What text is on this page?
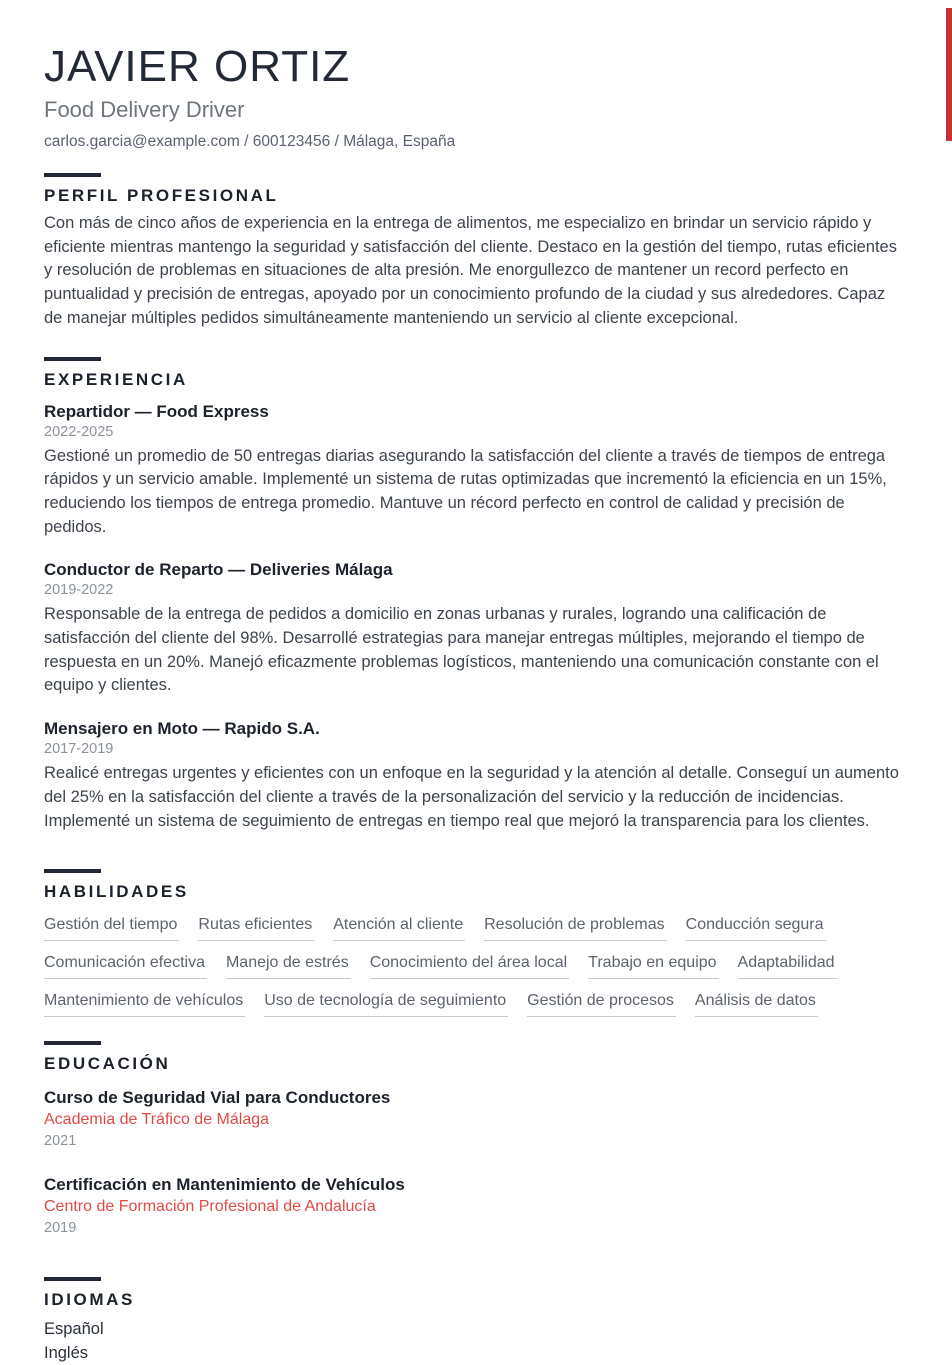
JAVIER ORTIZ
Food Delivery Driver
carlos.garcia@example.com / 600123456 / Málaga, España
PERFIL PROFESIONAL

Con más de cinco años de experiencia en la entrega de alimentos, me especializo en brindar un servicio rápido y eficiente mientras mantengo la seguridad y satisfacción del cliente. Destaco en la gestión del tiempo, rutas eficientes y resolución de problemas en situaciones de alta presión. Me enorgullezco de mantener un record perfecto en puntualidad y precisión de entregas, apoyado por un conocimiento profundo de la ciudad y sus alrededores. Capaz de manejar múltiples pedidos simultáneamente manteniendo un servicio al cliente excepcional.

EXPERIENCIA
Repartidor — Food Express
2022-2025

Gestioné un promedio de 50 entregas diarias asegurando la satisfacción del cliente a través de tiempos de entrega rápidos y un servicio amable. Implementé un sistema de rutas optimizadas que incrementó la eficiencia en un 15%, reduciendo los tiempos de entrega promedio. Mantuve un récord perfecto en control de calidad y precisión de pedidos.

Conductor de Reparto — Deliveries Málaga
2019-2022

Responsable de la entrega de pedidos a domicilio en zonas urbanas y rurales, logrando una calificación de satisfacción del cliente del 98%. Desarrollé estrategias para manejar entregas múltiples, mejorando el tiempo de respuesta en un 20%. Manejó eficazmente problemas logísticos, manteniendo una comunicación constante con el equipo y clientes.

Mensajero en Moto — Rapido S.A.
2017-2019

Realicé entregas urgentes y eficientes con un enfoque en la seguridad y la atención al detalle. Conseguí un aumento del 25% en la satisfacción del cliente a través de la personalización del servicio y la reducción de incidencias. Implementé un sistema de seguimiento de entregas en tiempo real que mejoró la transparencia para los clientes.

HABILIDADES
Gestión del tiempo Rutas eficientes Atención al cliente Resolución de problemas Conducción segura
Comunicación efectiva Manejo de estrés Conocimiento del área local Trabajo en equipo Adaptabilidad
Mantenimiento de vehículos Uso de tecnología de seguimiento Gestión de procesos Análisis de datos
EDUCACIÓN
Curso de Seguridad Vial para Conductores
Academia de Tráfico de Málaga
2021
Certificación en Mantenimiento de Vehículos
Centro de Formación Profesional de Andalucía
2019
IDIOMAS
Español
Inglés
